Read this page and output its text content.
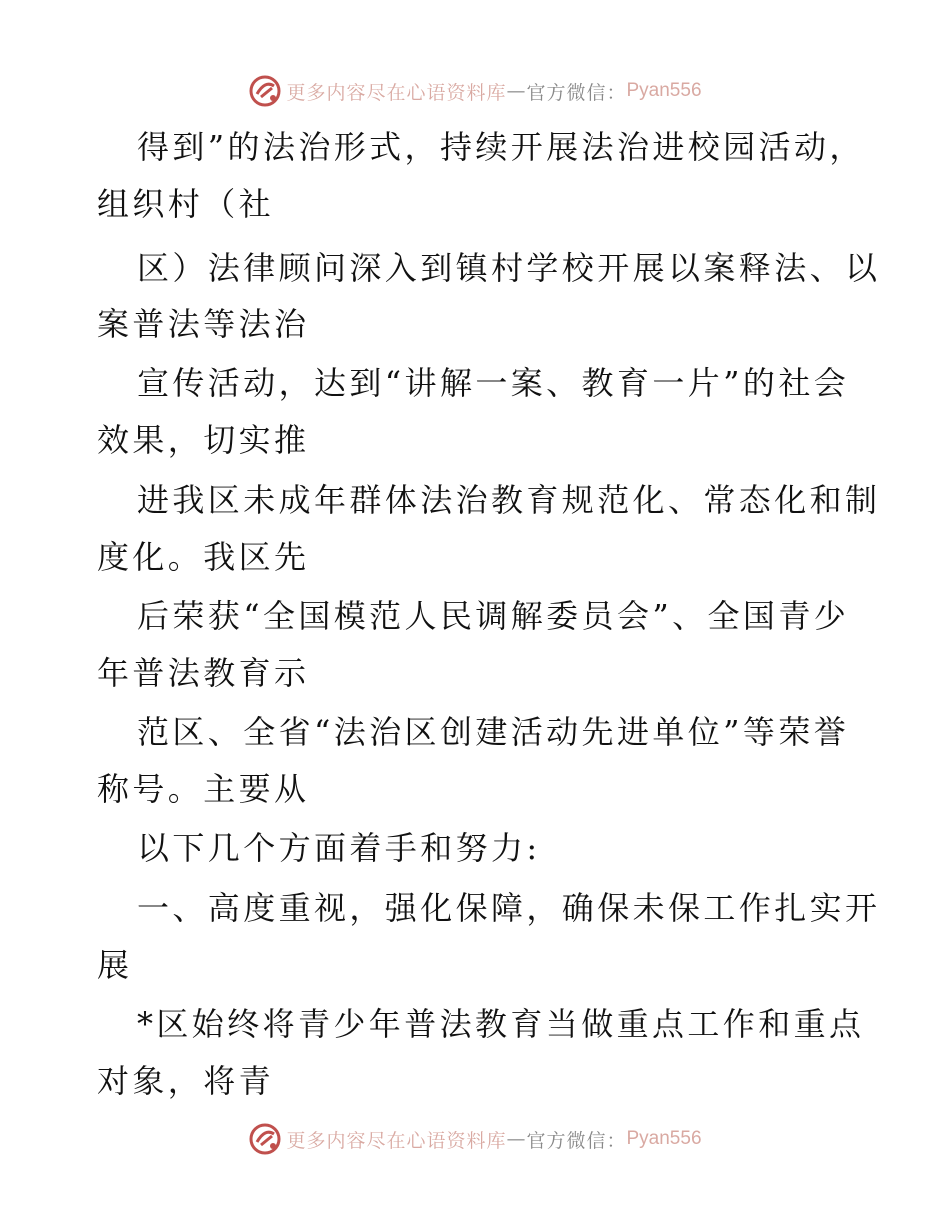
更多内容尽在心语资料库 — 官方微信： Pyan556
得到”的法治形式，持续开展法治进校园活动，
组织村（社
区）法律顾问深入到镇村学校开展以案释法、以
案普法等法治
宣传活动，达到“讲解一案、教育一片”的社会
效果，切实推
进我区未成年群体法治教育规范化、常态化和制
度化。我区先
后荣获“全国模范人民调解委员会”、全国青少
年普法教育示
范区、全省“法治区创建活动先进单位”等荣誉
称号。主要从
以下几个方面着手和努力:
一、高度重视，强化保障，确保未保工作扎实开
展
*区始终将青少年普法教育当做重点工作和重点
对象，将青
更多内容尽在心语资料库 — 官方微信： Pyan556
